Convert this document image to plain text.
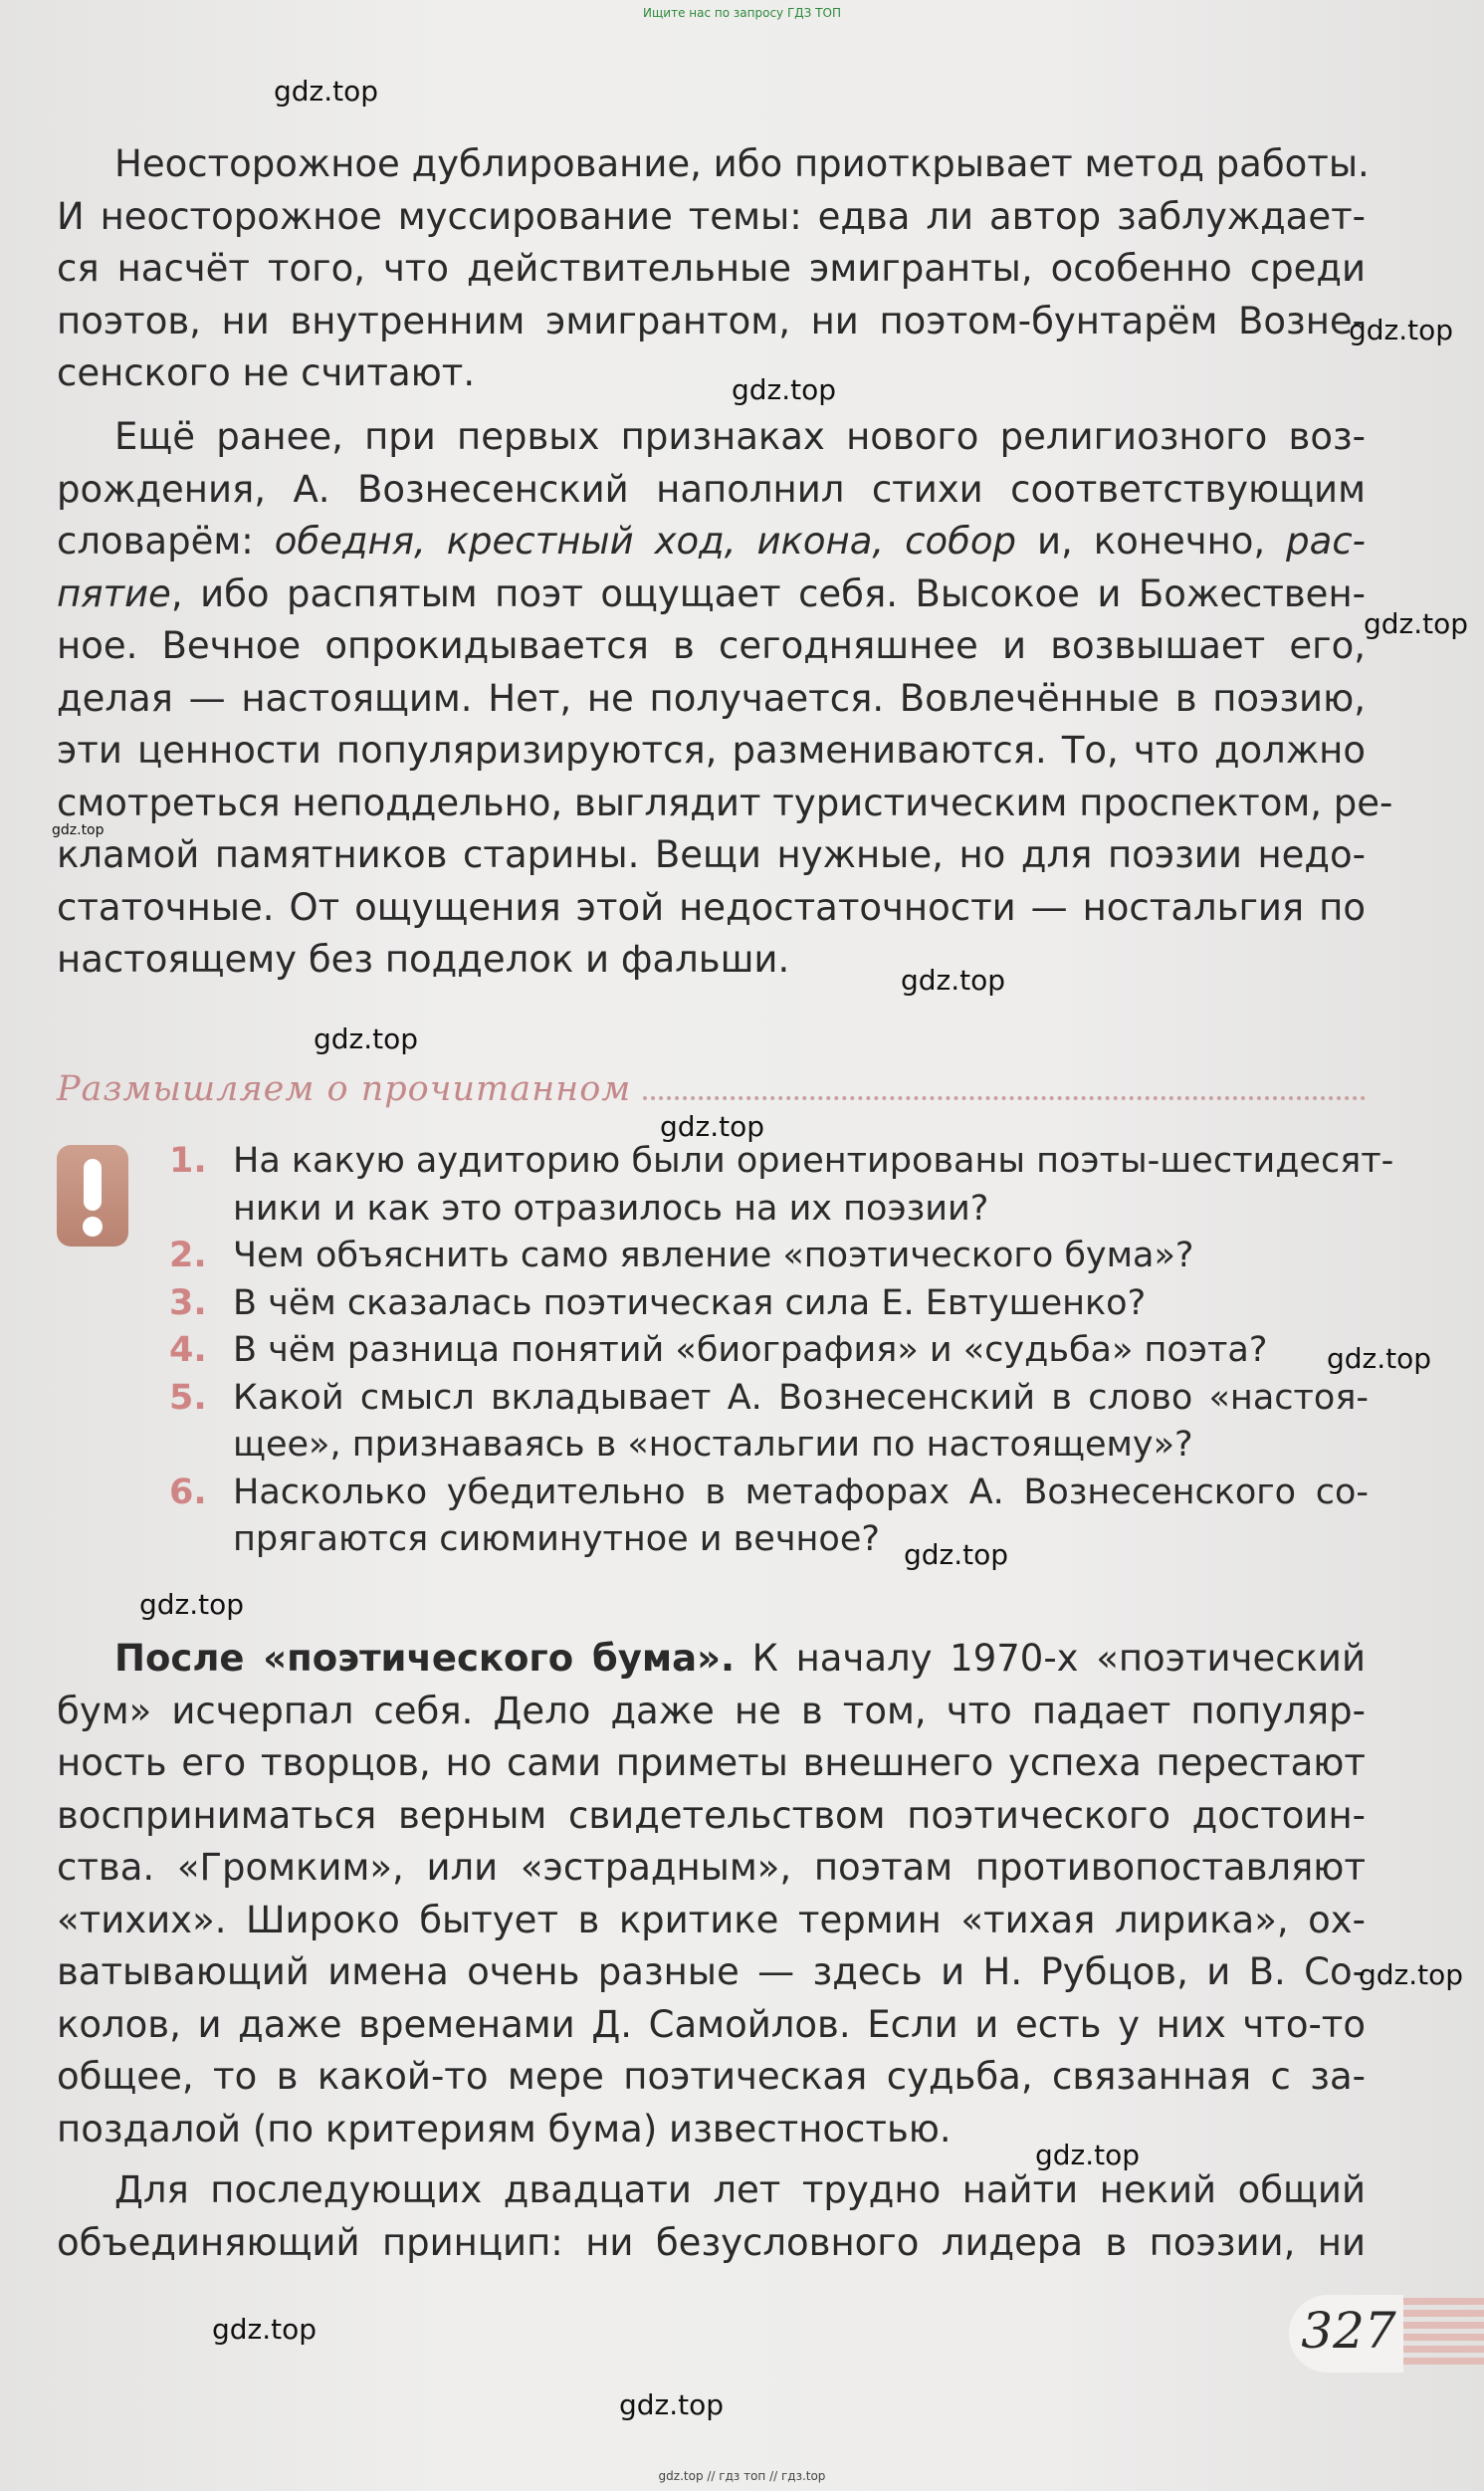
Ищите нас по запросу ГДЗ ТОП
Неосторожное дублирование, ибо приоткрывает метод работы.
И неосторожное муссирование темы: едва ли автор заблуждает-
ся насчёт того, что действительные эмигранты, особенно среди
поэтов, ни внутренним эмигрантом, ни поэтом-бунтарём Возне-
сенского не считают.
Ещё ранее, при первых признаках нового религиозного воз-
рождения, А. Вознесенский наполнил стихи соответствующим
словарём: обедня, крестный ход, икона, собор и, конечно, рас-
пятие, ибо распятым поэт ощущает себя. Высокое и Божествен-
ное. Вечное опрокидывается в сегодняшнее и возвышает его,
делая — настоящим. Нет, не получается. Вовлечённые в поэзию,
эти ценности популяризируются, размениваются. То, что должно
смотреться неподдельно, выглядит туристическим проспектом, ре-
кламой памятников старины. Вещи нужные, но для поэзии недо-
статочные. От ощущения этой недостаточности — ностальгия по
настоящему без подделок и фальши.
Размышляем о прочитанном
1. На какую аудиторию были ориентированы поэты-шестидесят-
ники и как это отразилось на их поэзии?
2. Чем объяснить само явление «поэтического бума»?
3. В чём сказалась поэтическая сила Е. Евтушенко?
4. В чём разница понятий «биография» и «судьба» поэта?
5. Какой смысл вкладывает А. Вознесенский в слово «настоя-
щее», признаваясь в «ностальгии по настоящему»?
6. Насколько убедительно в метафорах А. Вознесенского со-
прягаются сиюминутное и вечное?
После «поэтического бума». К началу 1970-х «поэтический
бум» исчерпал себя. Дело даже не в том, что падает популяр-
ность его творцов, но сами приметы внешнего успеха перестают
восприниматься верным свидетельством поэтического достоин-
ства. «Громким», или «эстрадным», поэтам противопоставляют
«тихих». Широко бытует в критике термин «тихая лирика», ох-
ватывающий имена очень разные — здесь и Н. Рубцов, и В. Со-
колов, и даже временами Д. Самойлов. Если и есть у них что-то
общее, то в какой-то мере поэтическая судьба, связанная с за-
поздалой (по критериям бума) известностью.
Для последующих двадцати лет трудно найти некий общий
объединяющий принцип: ни безусловного лидера в поэзии, ни
327
gdz.top
gdz.top
gdz.top
gdz.top
gdz.top
gdz.top
gdz.top
gdz.top
gdz.top
gdz.top
gdz.top
gdz.top
gdz.top
gdz.top
gdz.top
gdz.top // гдз топ // гдз.top
